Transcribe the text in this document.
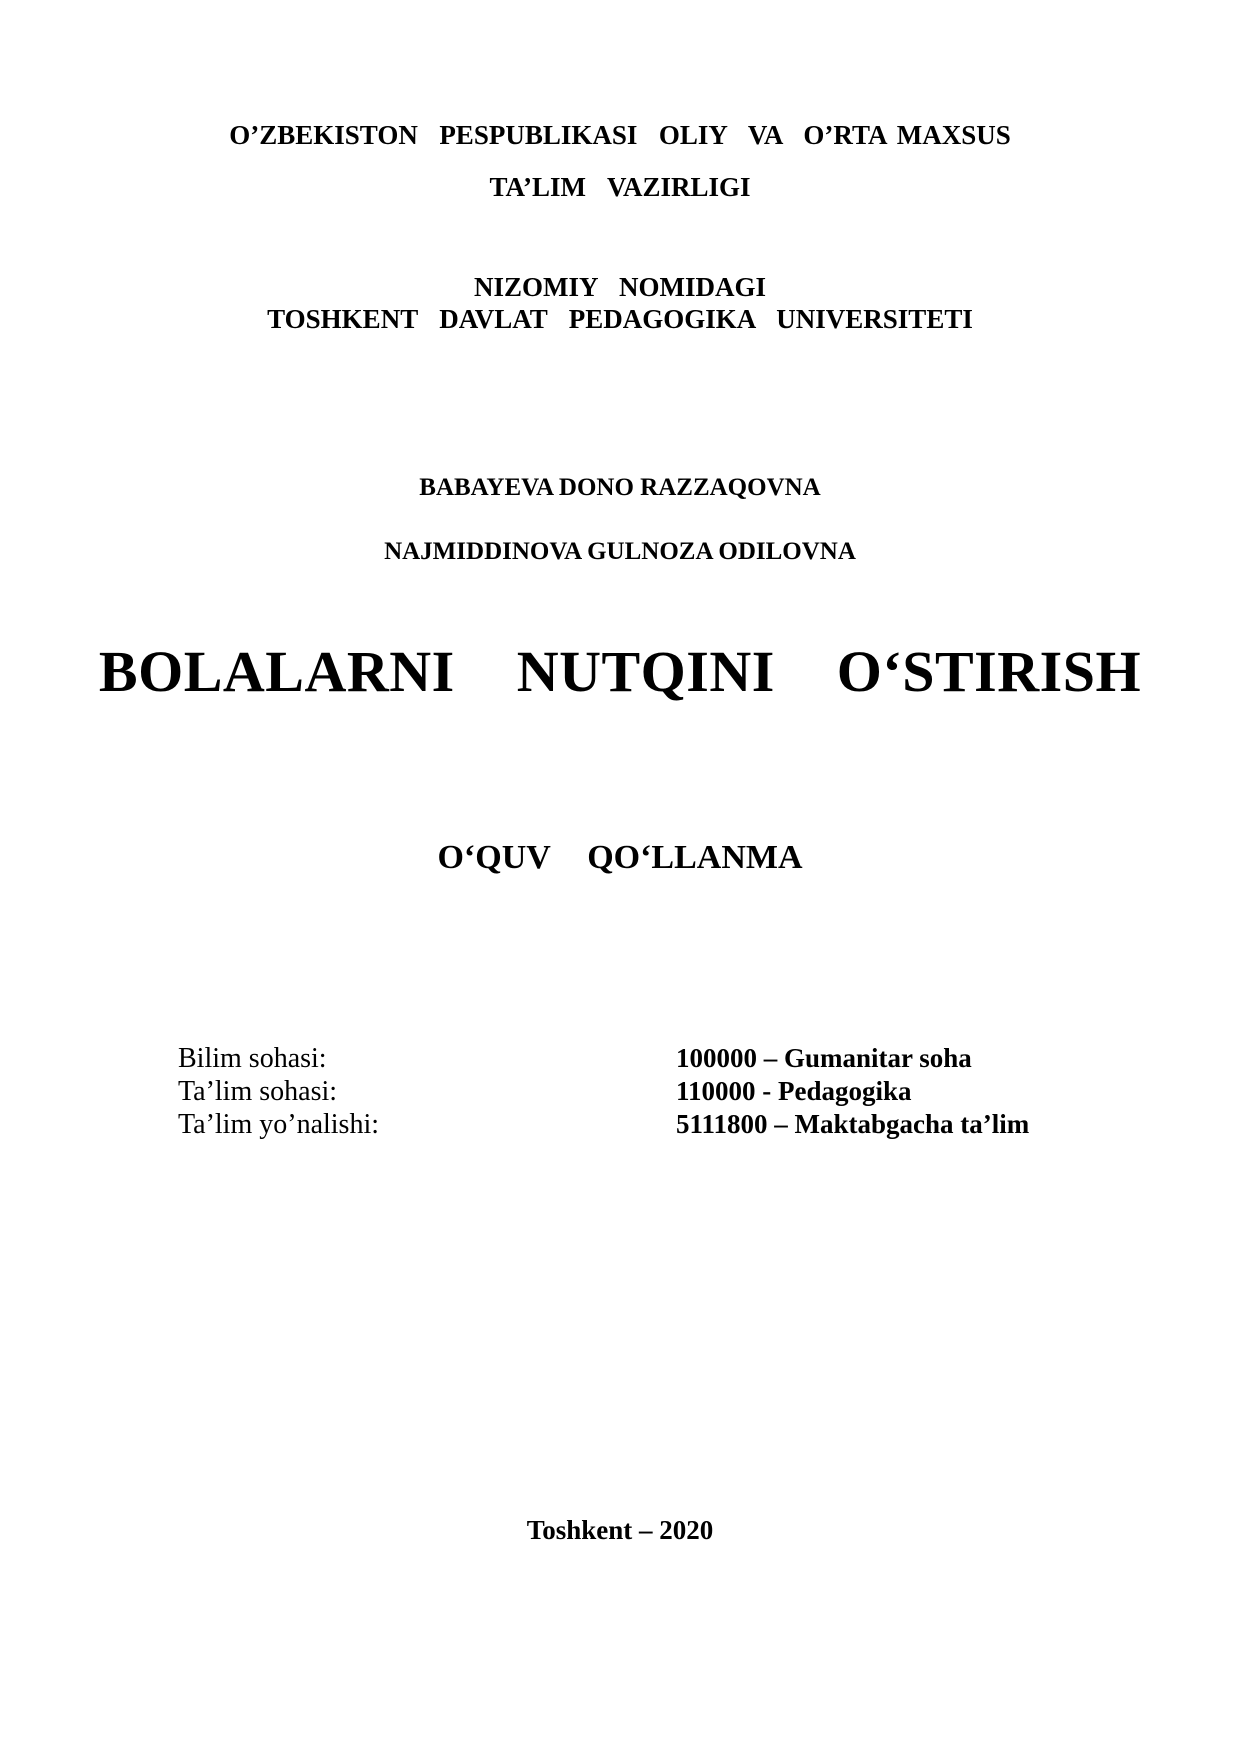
O’ZBEKISTON  PESPUBLIKASI  OLIY  VA  O’RTA MAXSUS
TA’LIM  VAZIRLIGI
NIZOMIY  NOMIDAGI
TOSHKENT  DAVLAT  PEDAGOGIKA  UNIVERSITETI
BABAYEVA DONO RAZZAQOVNA
NAJMIDDINOVA GULNOZA ODILOVNA
BOLALARNI  NUTQINI  O‘STIRISH
O‘QUV  QO‘LLANMA
Bilim sohasi:	100000 – Gumanitar soha
Ta’lim sohasi:	110000 - Pedagogika
Ta’lim yo’nalishi:	5111800 – Maktabgacha ta’lim
Toshkent – 2020
